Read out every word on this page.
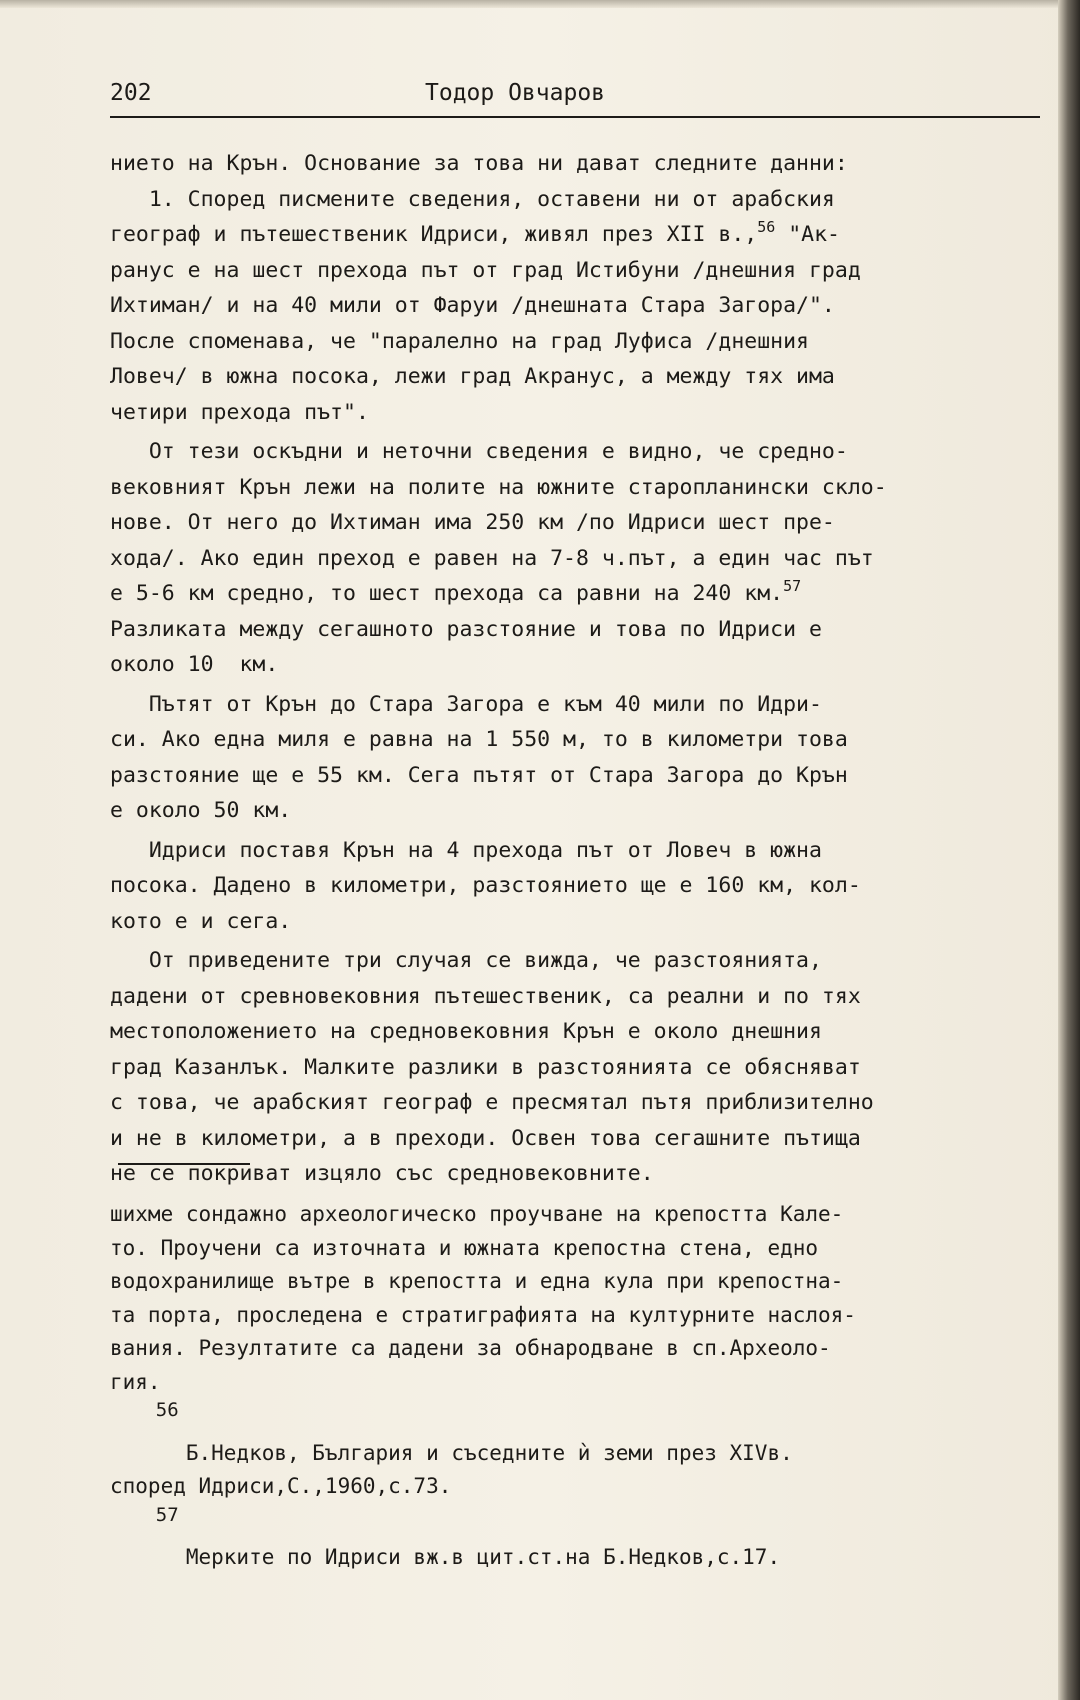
202	Тодор Овчаров

нието на Крън. Основание за това ни дават следните данни:

1. Според писмените сведения, оставени ни от арабския

географ и пътешественик Идриси, живял през XII в.,$^{56}$ "Ак-

ранус е на шест прехода път от град Истибуни /днешния град

Ихтиман/ и на 40 мили от Фаруи /днешната Стара Загора/".

После споменава, че "паралелно на град Луфиса /днешния

Ловеч/ в южна посока, лежи град Акранус, а между тях има

четири прехода път".

От тези оскъдни и неточни сведения е видно, че средно-

вековният Крън лежи на полите на южните старопланински скло-

нове. От него до Ихтиман има 250 км /по Идриси шест пре-

хода/. Ако един преход е равен на 7-8 ч.път, а един час път

е 5-6 км средно, то шест прехода са равни на 240 км.$^{57}$

Разликата между сегашното разстояние и това по Идриси е

около 10  км.

Пътят от Крън до Стара Загора е към 40 мили по Идри-

си. Ако една миля е равна на 1 550 м, то в километри това

разстояние ще е 55 км. Сега пътят от Стара Загора до Крън

е около 50 км.

Идриси поставя Крън на 4 прехода път от Ловеч в южна

посока. Дадено в километри, разстоянието ще е 160 км, кол-

кото е и сега.

От приведените три случая се вижда, че разстоянията,

дадени от сревновековния пътешественик, са реални и по тях

местоположението на средновековния Крън е около днешния

град Казанлък. Малките разлики в разстоянията се обясняват

с това, че арабският географ е пресмятал пътя приблизително

и не в километри, а в преходи. Освен това сегашните пътища

не се покриват изцяло със средновековните.

шихме сондажно археологическо проучване на крепостта Кале-

то. Проучени са източната и южната крепостна стена, едно

водохранилище вътре в крепостта и една кула при крепостна-

та порта, проследена е стратиграфията на културните наслоя-

вания. Резултатите са дадени за обнародване в сп.Археоло-

гия.

56

Б.Недков, България и съседните ѝ земи през XIVв.

според Идриси,С.,1960,с.73.

57

Мерките по Идриси вж.в цит.ст.на Б.Недков,с.17.
